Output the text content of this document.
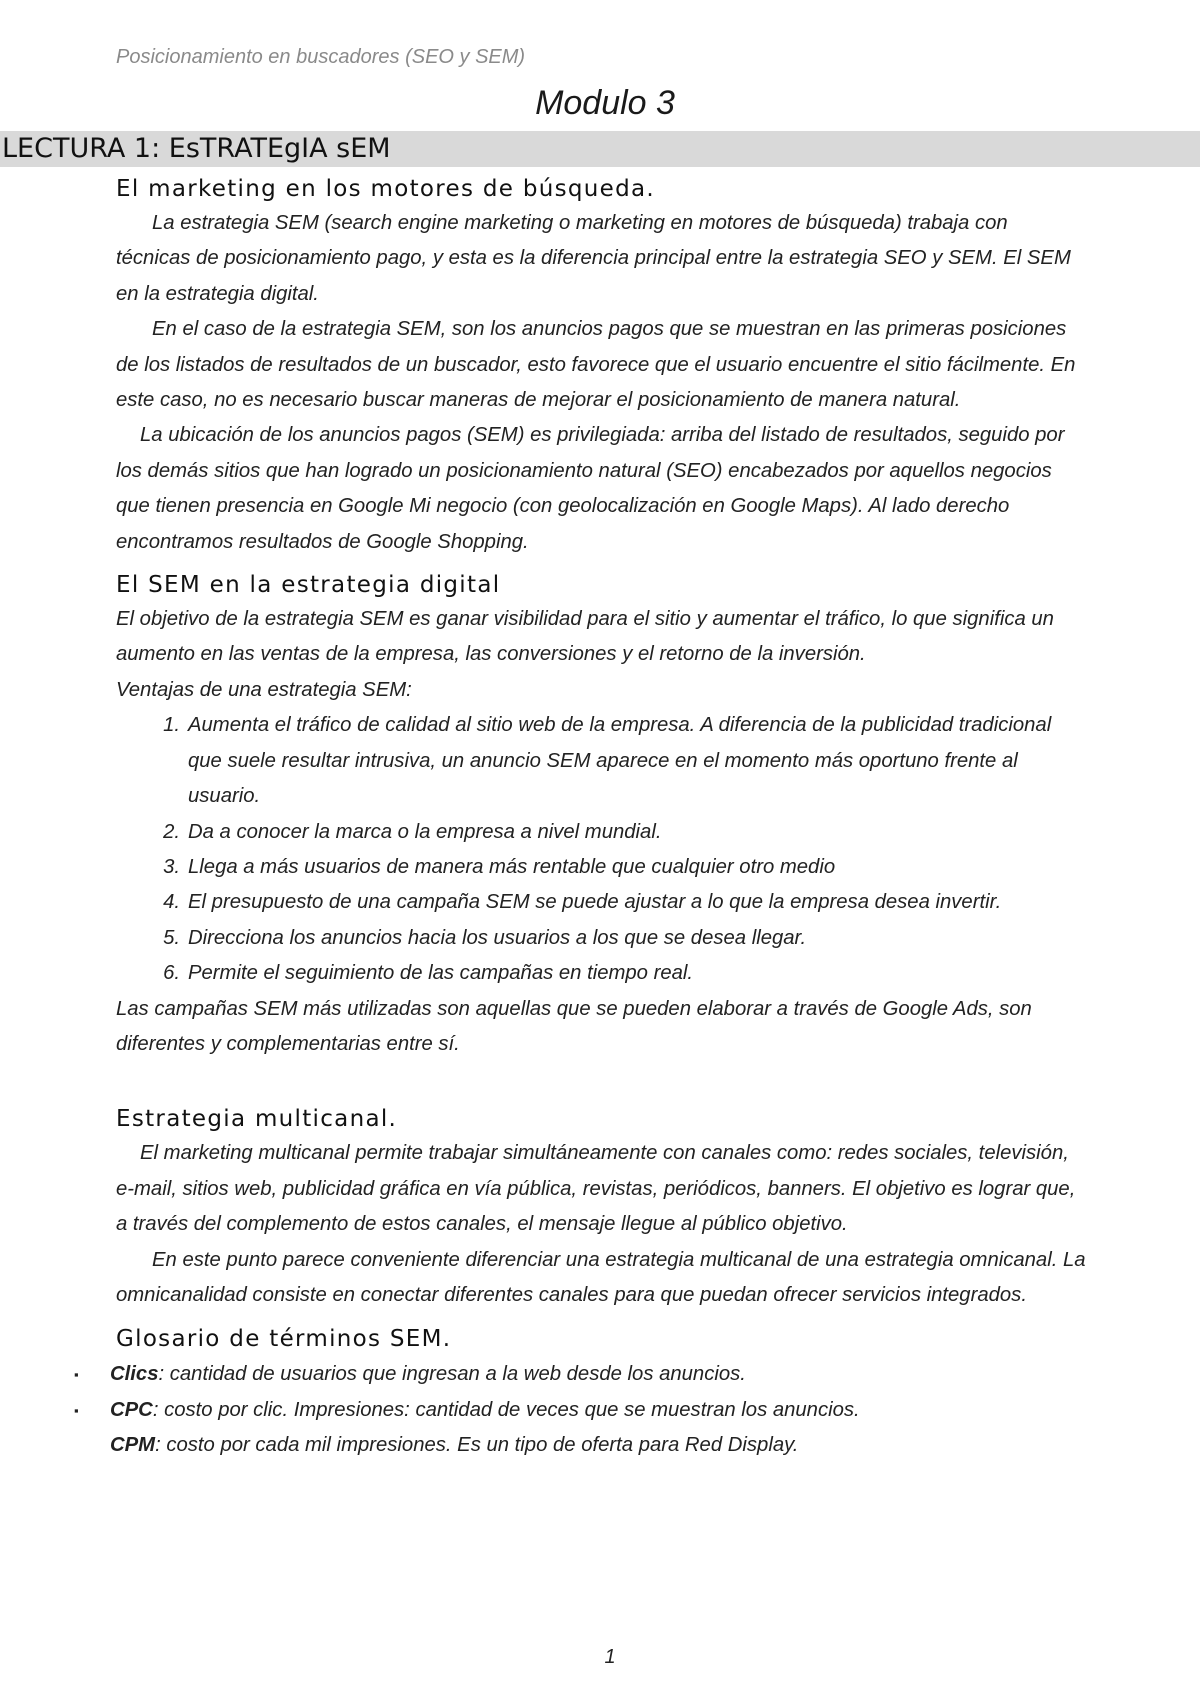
Posicionamiento en buscadores (SEO y SEM)
Modulo 3
LECTURA 1: EsTRATEgIA sEM
El marketing en los motores de búsqueda.

La estrategia SEM (search engine marketing o marketing en motores de búsqueda) trabaja con técnicas de posicionamiento pago, y esta es la diferencia principal entre la estrategia SEO y SEM. El SEM en la estrategia digital.

En el caso de la estrategia SEM, son los anuncios pagos que se muestran en las primeras posiciones de los listados de resultados de un buscador, esto favorece que el usuario encuentre el sitio fácilmente. En este caso, no es necesario buscar maneras de mejorar el posicionamiento de manera natural.

La ubicación de los anuncios pagos (SEM) es privilegiada: arriba del listado de resultados, seguido por los demás sitios que han logrado un posicionamiento natural (SEO) encabezados por aquellos negocios que tienen presencia en Google Mi negocio (con geolocalización en Google Maps). Al lado derecho encontramos resultados de Google Shopping.

El SEM en la estrategia digital

El objetivo de la estrategia SEM es ganar visibilidad para el sitio y aumentar el tráfico, lo que significa un aumento en las ventas de la empresa, las conversiones y el retorno de la inversión.

Ventajas de una estrategia SEM:

1. Aumenta el tráfico de calidad al sitio web de la empresa. A diferencia de la publicidad tradicional que suele resultar intrusiva, un anuncio SEM aparece en el momento más oportuno frente al usuario.
2. Da a conocer la marca o la empresa a nivel mundial.
3. Llega a más usuarios de manera más rentable que cualquier otro medio
4. El presupuesto de una campaña SEM se puede ajustar a lo que la empresa desea invertir.
5. Direcciona los anuncios hacia los usuarios a los que se desea llegar.
6. Permite el seguimiento de las campañas en tiempo real.

Las campañas SEM más utilizadas son aquellas que se pueden elaborar a través de Google Ads, son diferentes y complementarias entre sí.

Estrategia multicanal.

El marketing multicanal permite trabajar simultáneamente con canales como: redes sociales, televisión, e-mail, sitios web, publicidad gráfica en vía pública, revistas, periódicos, banners. El objetivo es lograr que, a través del complemento de estos canales, el mensaje llegue al público objetivo.

En este punto parece conveniente diferenciar una estrategia multicanal de una estrategia omnicanal. La omnicanalidad consiste en conectar diferentes canales para que puedan ofrecer servicios integrados.

Glosario de términos SEM.
▪ Clics: cantidad de usuarios que ingresan a la web desde los anuncios.
▪ CPC: costo por clic. Impresiones: cantidad de veces que se muestran los anuncios.
CPM: costo por cada mil impresiones. Es un tipo de oferta para Red Display.
1
